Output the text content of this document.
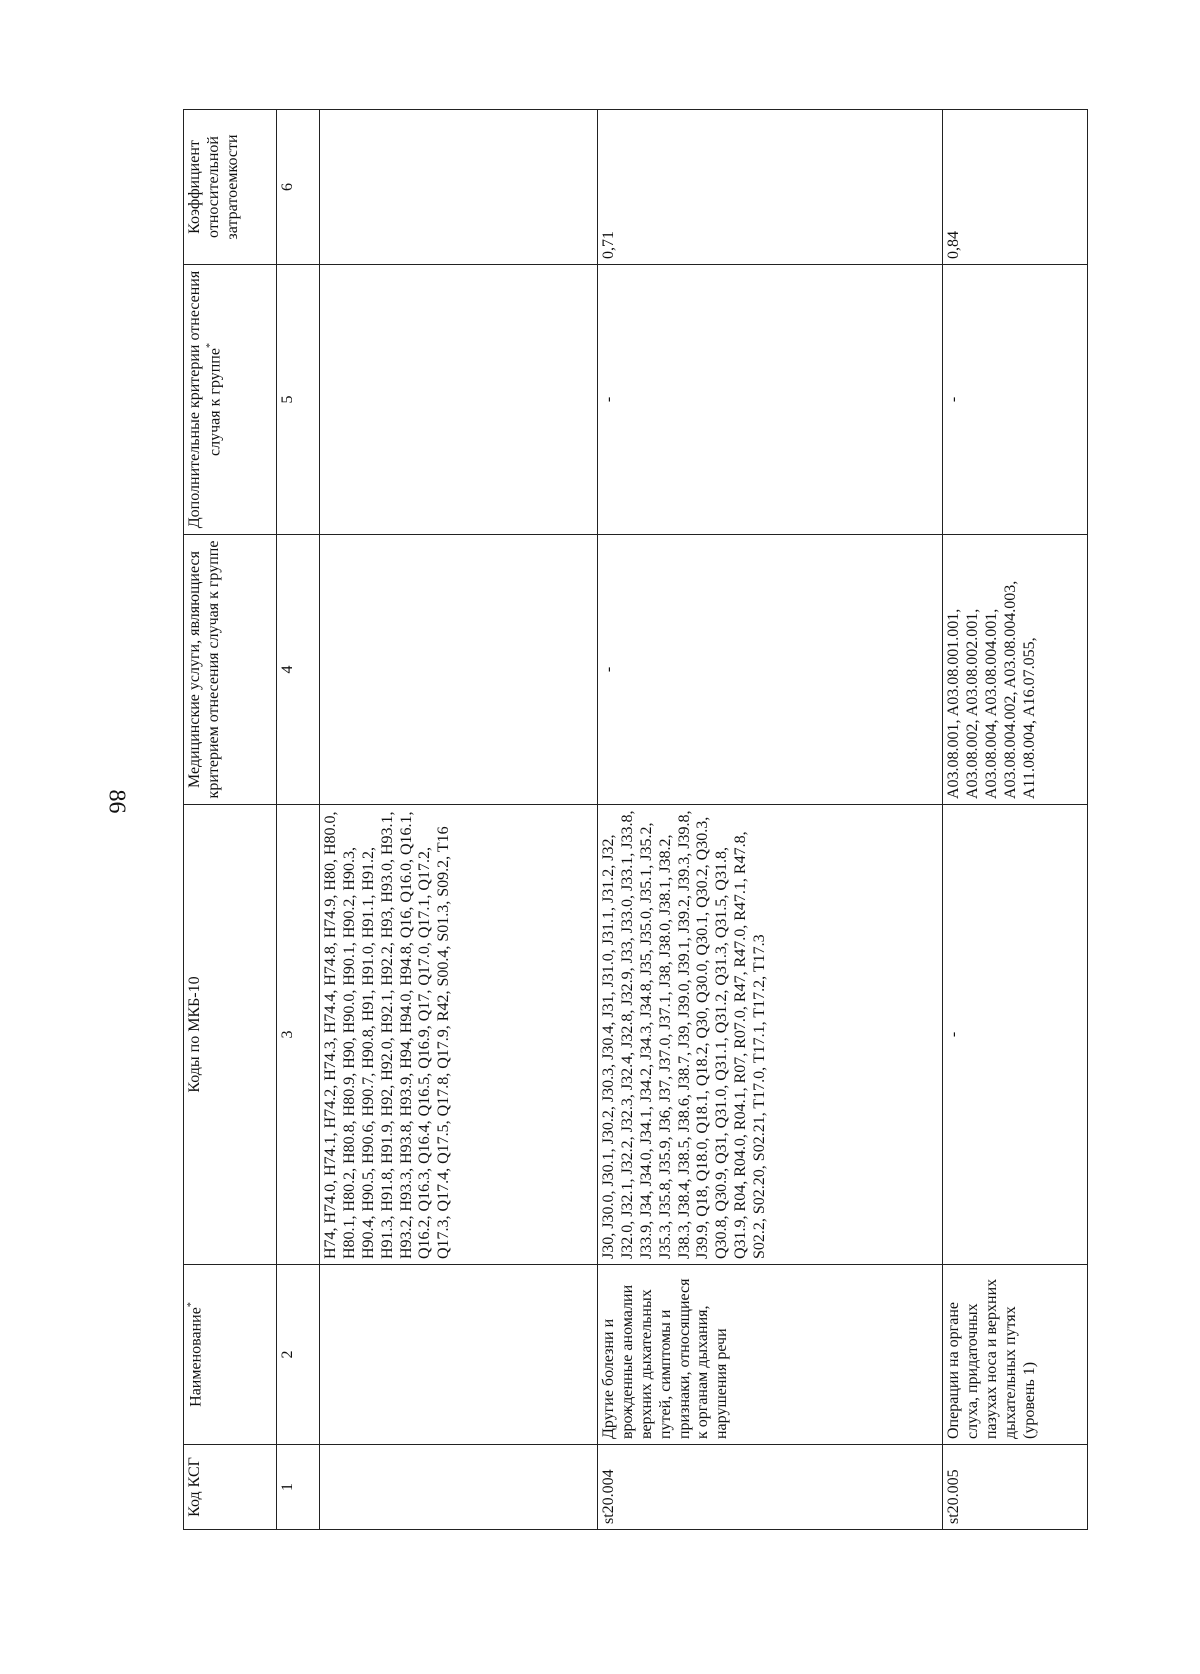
86
Код КСГ	Наименование*	Коды по МКБ-10	Медицинские услуги, являющиеся критерием отнесения случая к группе	Дополнительные критерии отнесения случая к группе*	Коэффициент относительной затратоемкости
1	2	3	4	5	6
		H74, H74.0, H74.1, H74.2, H74.3, H74.4, H74.8, H74.9, H80, H80.0, H80.1, H80.2, H80.8, H80.9, H90, H90.0, H90.1, H90.2, H90.3, H90.4, H90.5, H90.6, H90.7, H90.8, H91, H91.0, H91.1, H91.2, H91.3, H91.8, H91.9, H92, H92.0, H92.1, H92.2, H93, H93.0, H93.1, H93.2, H93.3, H93.8, H93.9, H94, H94.0, H94.8, Q16, Q16.0, Q16.1, Q16.2, Q16.3, Q16.4, Q16.5, Q16.9, Q17, Q17.0, Q17.1, Q17.2, Q17.3, Q17.4, Q17.5, Q17.8, Q17.9, R42, S00.4, S01.3, S09.2, T16			
st20.004	Другие болезни и врожденные аномалии верхних дыхательных путей, симптомы и признаки, относящиеся к органам дыхания, нарушения речи	J30, J30.0, J30.1, J30.2, J30.3, J30.4, J31, J31.0, J31.1, J31.2, J32, J32.0, J32.1, J32.2, J32.3, J32.4, J32.8, J32.9, J33, J33.0, J33.1, J33.8, J33.9, J34, J34.0, J34.1, J34.2, J34.3, J34.8, J35, J35.0, J35.1, J35.2, J35.3, J35.8, J35.9, J36, J37, J37.0, J37.1, J38, J38.0, J38.1, J38.2, J38.3, J38.4, J38.5, J38.6, J38.7, J39, J39.0, J39.1, J39.2, J39.3, J39.8, J39.9, Q18, Q18.0, Q18.1, Q18.2, Q30, Q30.0, Q30.1, Q30.2, Q30.3, Q30.8, Q30.9, Q31, Q31.0, Q31.1, Q31.2, Q31.3, Q31.5, Q31.8, Q31.9, R04, R04.0, R04.1, R07, R07.0, R47, R47.0, R47.1, R47.8, S02.2, S02.20, S02.21, T17.0, T17.1, T17.2, T17.3	-	-	0,71
st20.005	Операции на органе слуха, придаточных пазухах носа и верхних дыхательных путях (уровень 1)	-	A03.08.001, A03.08.001.001, A03.08.002, A03.08.002.001, A03.08.004, A03.08.004.001, A03.08.004.002, A03.08.004.003, A11.08.004, A16.07.055,	-	0,84
